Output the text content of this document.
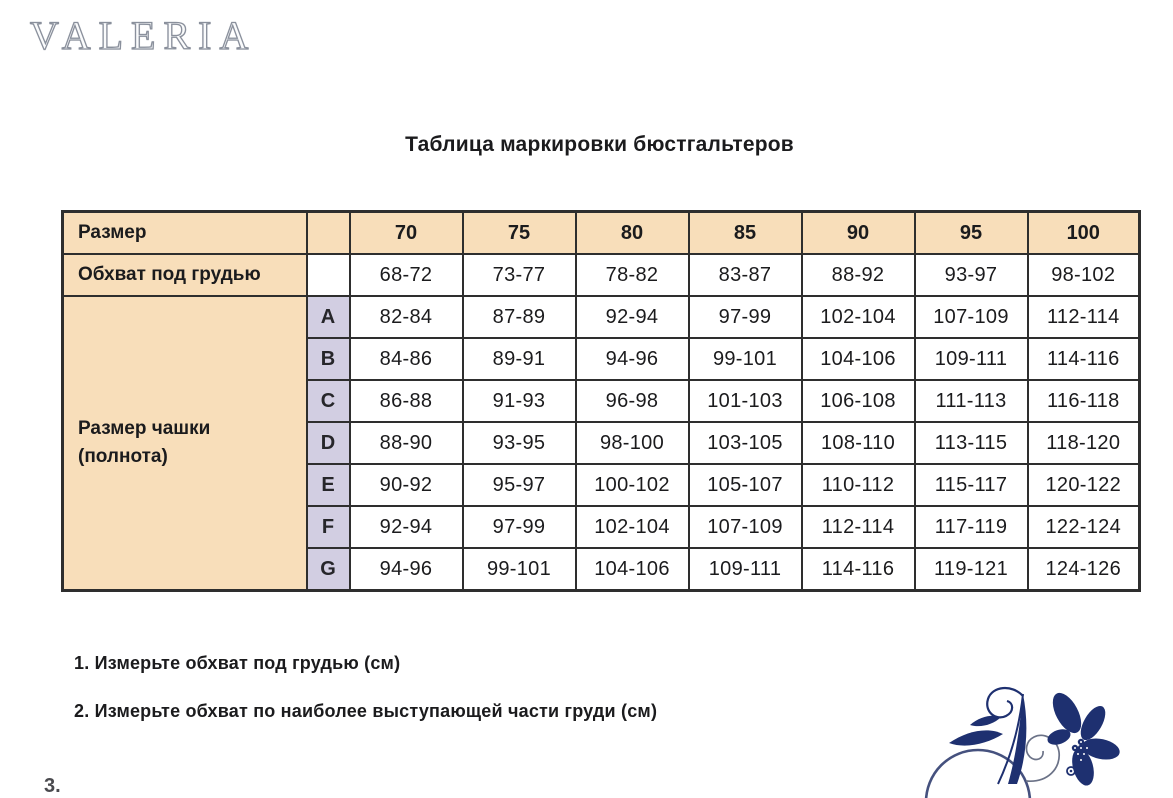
VALERIA
Таблица маркировки бюстгальтеров
Размер		70	75	80	85	90	95	100
Обхват под грудью		68-72	73-77	78-82	83-87	88-92	93-97	98-102

Размер чашки
(полнота)	A	82-84	87-89	92-94	97-99	102-104	107-109	112-114
	B	84-86	89-91	94-96	99-101	104-106	109-111	114-116
	C	86-88	91-93	96-98	101-103	106-108	111-113	116-118
	D	88-90	93-95	98-100	103-105	108-110	113-115	118-120
	E	90-92	95-97	100-102	105-107	110-112	115-117	120-122
	F	92-94	97-99	102-104	107-109	112-114	117-119	122-124
	G	94-96	99-101	104-106	109-111	114-116	119-121	124-126
1. Измерьте обхват под грудью (см)
2. Измерьте обхват по наиболее выступающей части груди (см)
3.
